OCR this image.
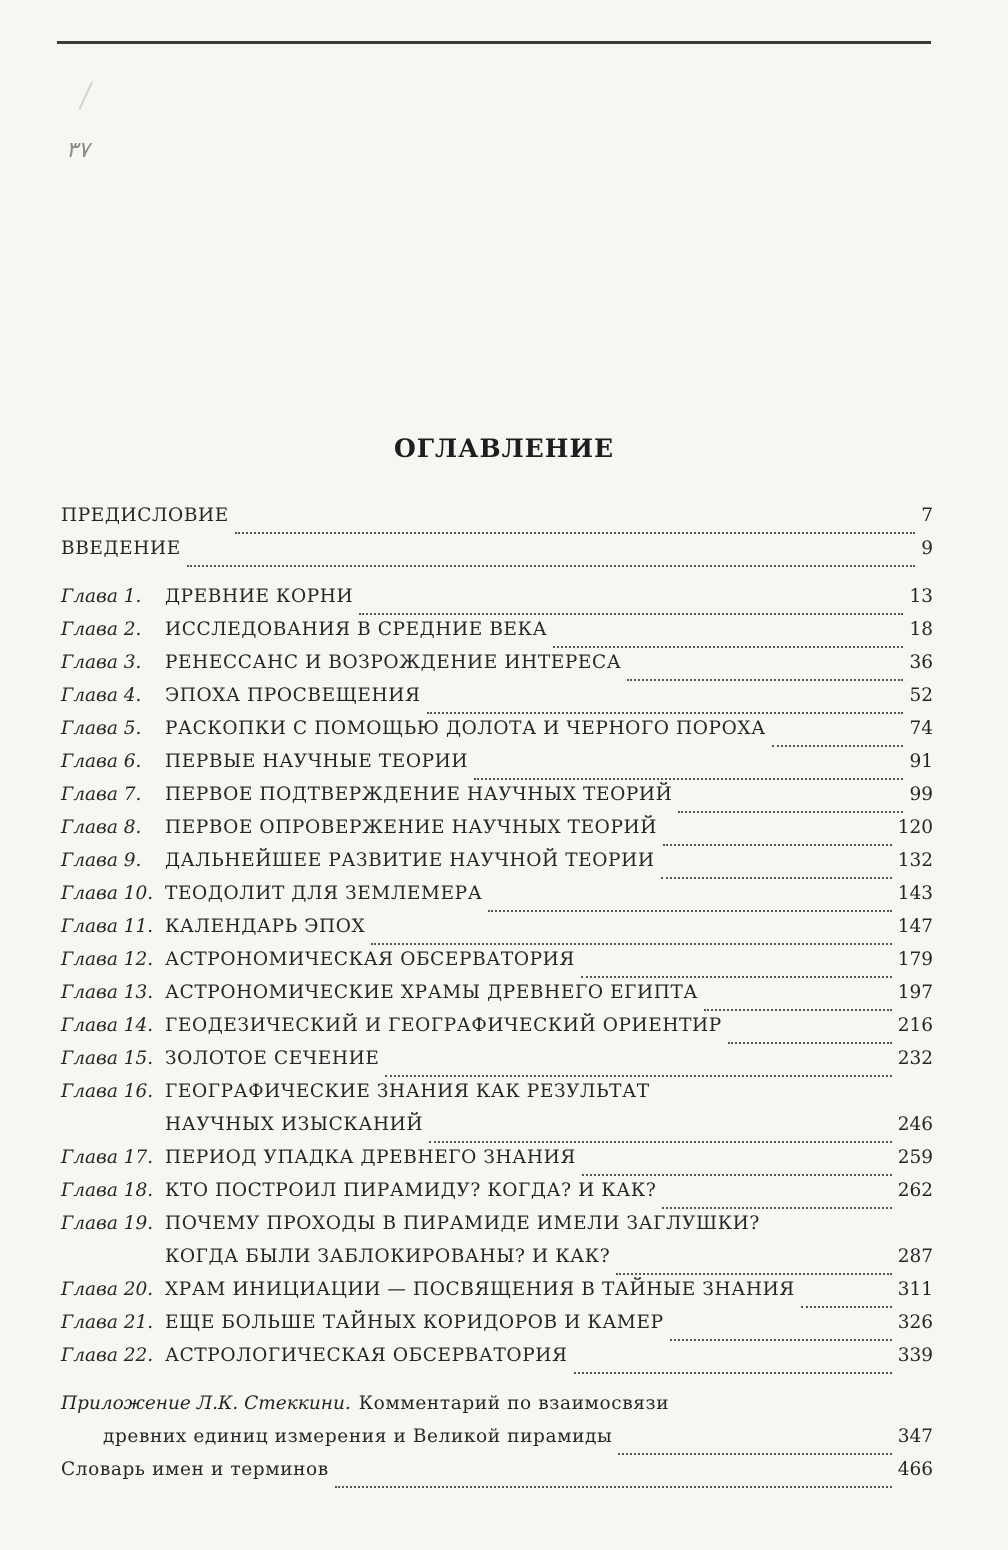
۳۷
ОГЛАВЛЕНИЕ
ПРЕДИСЛОВИЕ	7
ВВЕДЕНИЕ	9
Глава 1.	ДРЕВНИЕ КОРНИ	13
Глава 2.	ИССЛЕДОВАНИЯ В СРЕДНИЕ ВЕКА	18
Глава 3.	РЕНЕССАНС И ВОЗРОЖДЕНИЕ ИНТЕРЕСА	36
Глава 4.	ЭПОХА ПРОСВЕЩЕНИЯ	52
Глава 5.	РАСКОПКИ С ПОМОЩЬЮ ДОЛОТА И ЧЕРНОГО ПОРОХА	74
Глава 6.	ПЕРВЫЕ НАУЧНЫЕ ТЕОРИИ	91
Глава 7.	ПЕРВОЕ ПОДТВЕРЖДЕНИЕ НАУЧНЫХ ТЕОРИЙ	99
Глава 8.	ПЕРВОЕ ОПРОВЕРЖЕНИЕ НАУЧНЫХ ТЕОРИЙ	120
Глава 9.	ДАЛЬНЕЙШЕЕ РАЗВИТИЕ НАУЧНОЙ ТЕОРИИ	132
Глава 10. ТЕОДОЛИТ ДЛЯ ЗЕМЛЕМЕРА	143
Глава 11. КАЛЕНДАРЬ ЭПОХ	147
Глава 12. АСТРОНОМИЧЕСКАЯ ОБСЕРВАТОРИЯ	179
Глава 13. АСТРОНОМИЧЕСКИЕ ХРАМЫ ДРЕВНЕГО ЕГИПТА	197
Глава 14. ГЕОДЕЗИЧЕСКИЙ И ГЕОГРАФИЧЕСКИЙ ОРИЕНТИР	216
Глава 15. ЗОЛОТОЕ СЕЧЕНИЕ	232
Глава 16. ГЕОГРАФИЧЕСКИЕ ЗНАНИЯ КАК РЕЗУЛЬТАТ
НАУЧНЫХ ИЗЫСКАНИЙ	246
Глава 17. ПЕРИОД УПАДКА ДРЕВНЕГО ЗНАНИЯ	259
Глава 18. КТО ПОСТРОИЛ ПИРАМИДУ? КОГДА? И КАК?	262
Глава 19. ПОЧЕМУ ПРОХОДЫ В ПИРАМИДЕ ИМЕЛИ ЗАГЛУШКИ?
КОГДА БЫЛИ ЗАБЛОКИРОВАНЫ? И КАК?	287
Глава 20. ХРАМ ИНИЦИАЦИИ — ПОСВЯЩЕНИЯ В ТАЙНЫЕ ЗНАНИЯ	311
Глава 21. ЕЩЕ БОЛЬШЕ ТАЙНЫХ КОРИДОРОВ И КАМЕР	326
Глава 22. АСТРОЛОГИЧЕСКАЯ ОБСЕРВАТОРИЯ	339
Приложение Л.К. Стеккини. Комментарий по взаимосвязи
древних единиц измерения и Великой пирамиды	347
Словарь имен и терминов	466
